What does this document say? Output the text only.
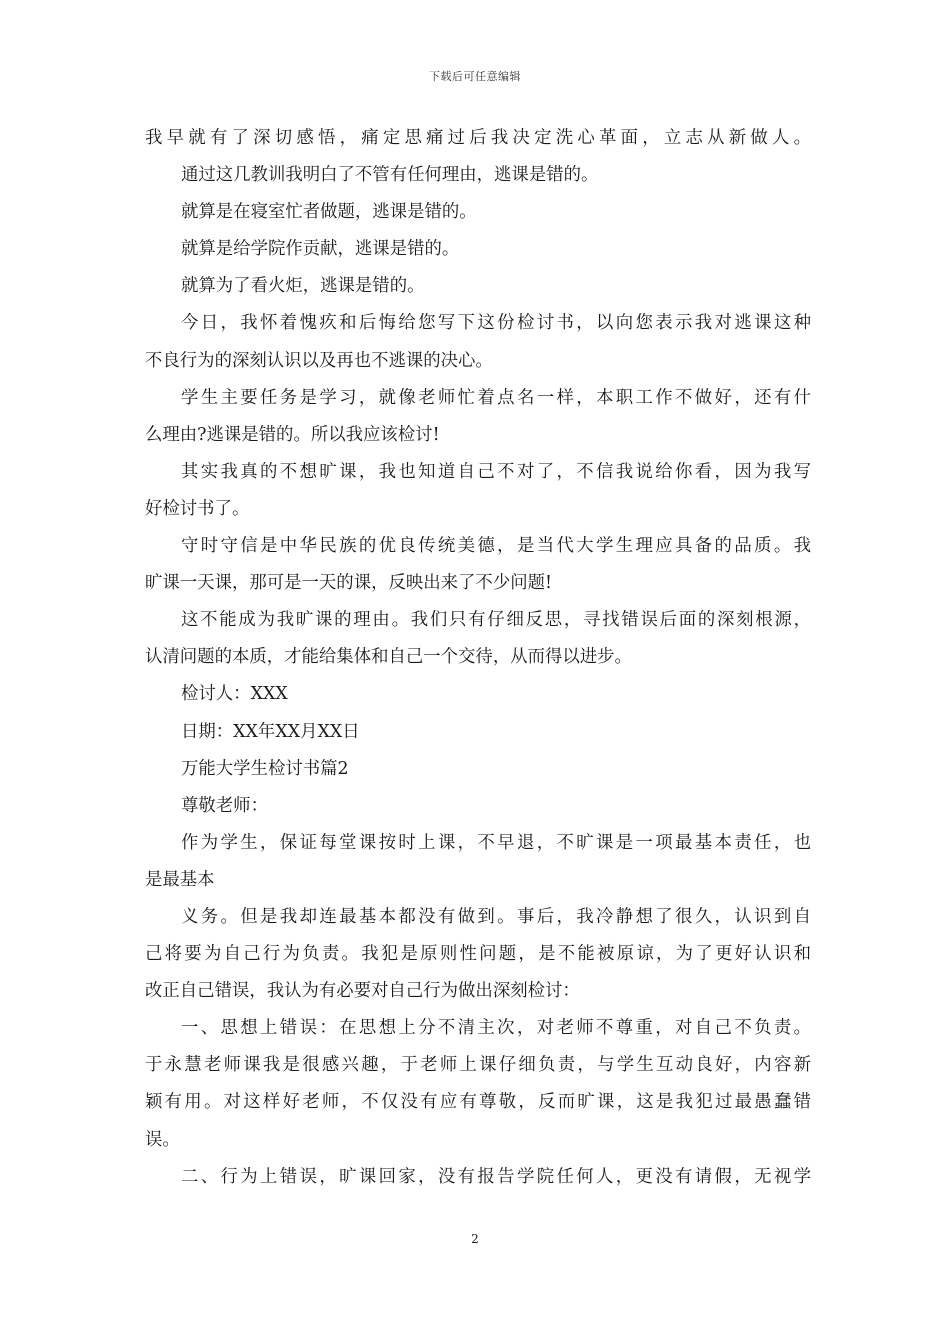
下载后可任意编辑
我早就有了深切感悟，痛定思痛过后我决定洗心革面，立志从新做人。
通过这几教训我明白了不管有任何理由，逃课是错的。
就算是在寝室忙者做题，逃课是错的。
就算是给学院作贡献，逃课是错的。
就算为了看火炬，逃课是错的。
今日，我怀着愧疚和后悔给您写下这份检讨书，以向您表示我对逃课这种
不良行为的深刻认识以及再也不逃课的决心。
学生主要任务是学习，就像老师忙着点名一样，本职工作不做好，还有什
么理由?逃课是错的。所以我应该检讨!
其实我真的不想旷课，我也知道自己不对了，不信我说给你看，因为我写
好检讨书了。
守时守信是中华民族的优良传统美德，是当代大学生理应具备的品质。我
旷课一天课，那可是一天的课，反映出来了不少问题!
这不能成为我旷课的理由。我们只有仔细反思，寻找错误后面的深刻根源，
认清问题的本质，才能给集体和自己一个交待，从而得以进步。
检讨人：XXX
日期：XX年XX月XX日
万能大学生检讨书篇2
尊敬老师：
作为学生，保证每堂课按时上课，不早退，不旷课是一项最基本责任，也
是最基本
义务。但是我却连最基本都没有做到。事后，我冷静想了很久，认识到自
己将要为自己行为负责。我犯是原则性问题，是不能被原谅，为了更好认识和
改正自己错误，我认为有必要对自己行为做出深刻检讨：
一、思想上错误：在思想上分不清主次，对老师不尊重，对自己不负责。
于永慧老师课我是很感兴趣，于老师上课仔细负责，与学生互动良好，内容新
颖有用。对这样好老师，不仅没有应有尊敬，反而旷课，这是我犯过最愚蠢错
误。
二、行为上错误，旷课回家，没有报告学院任何人，更没有请假，无视学
2
